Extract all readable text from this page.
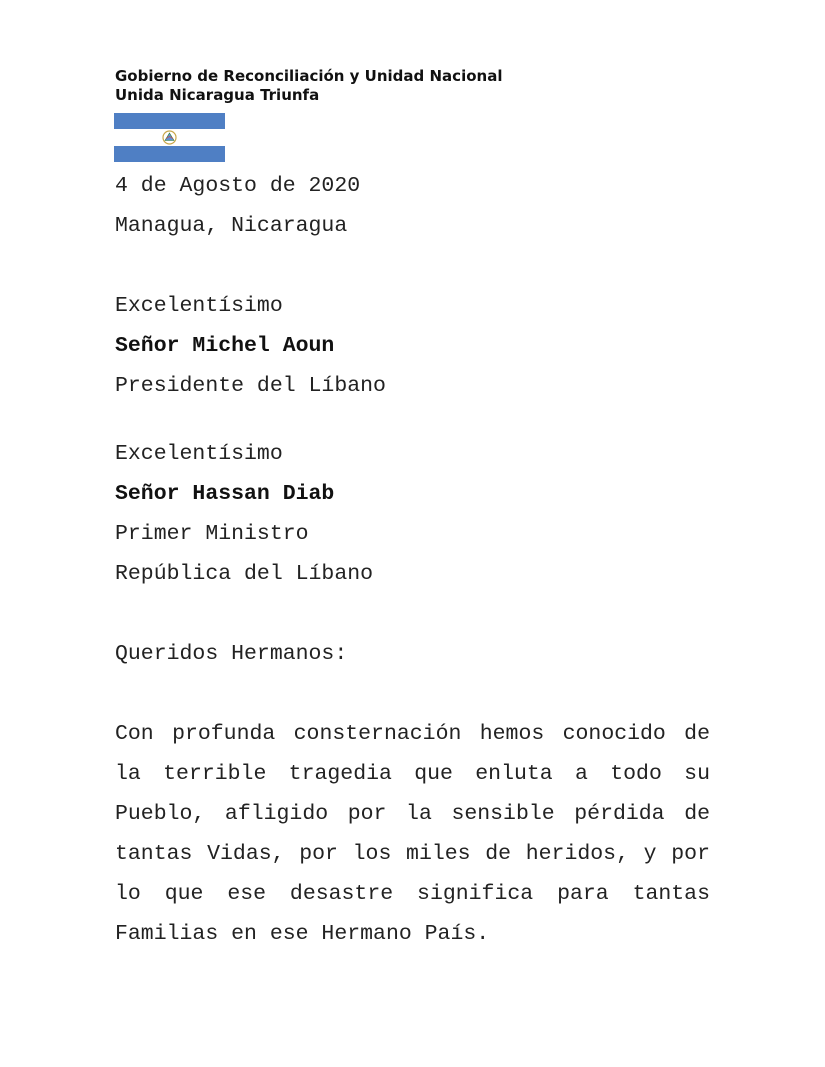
Gobierno de Reconciliación y Unidad Nacional
Unida Nicaragua Triunfa
4 de Agosto de 2020
Managua, Nicaragua
Excelentísimo
Señor Michel Aoun
Presidente del Líbano
Excelentísimo
Señor Hassan Diab
Primer Ministro
República del Líbano
Queridos Hermanos:
Con profunda consternación hemos conocido de la terrible tragedia que enluta a todo su Pueblo, afligido por la sensible pérdida de tantas Vidas, por los miles de heridos, y por lo que ese desastre significa para tantas Familias en ese Hermano País.
